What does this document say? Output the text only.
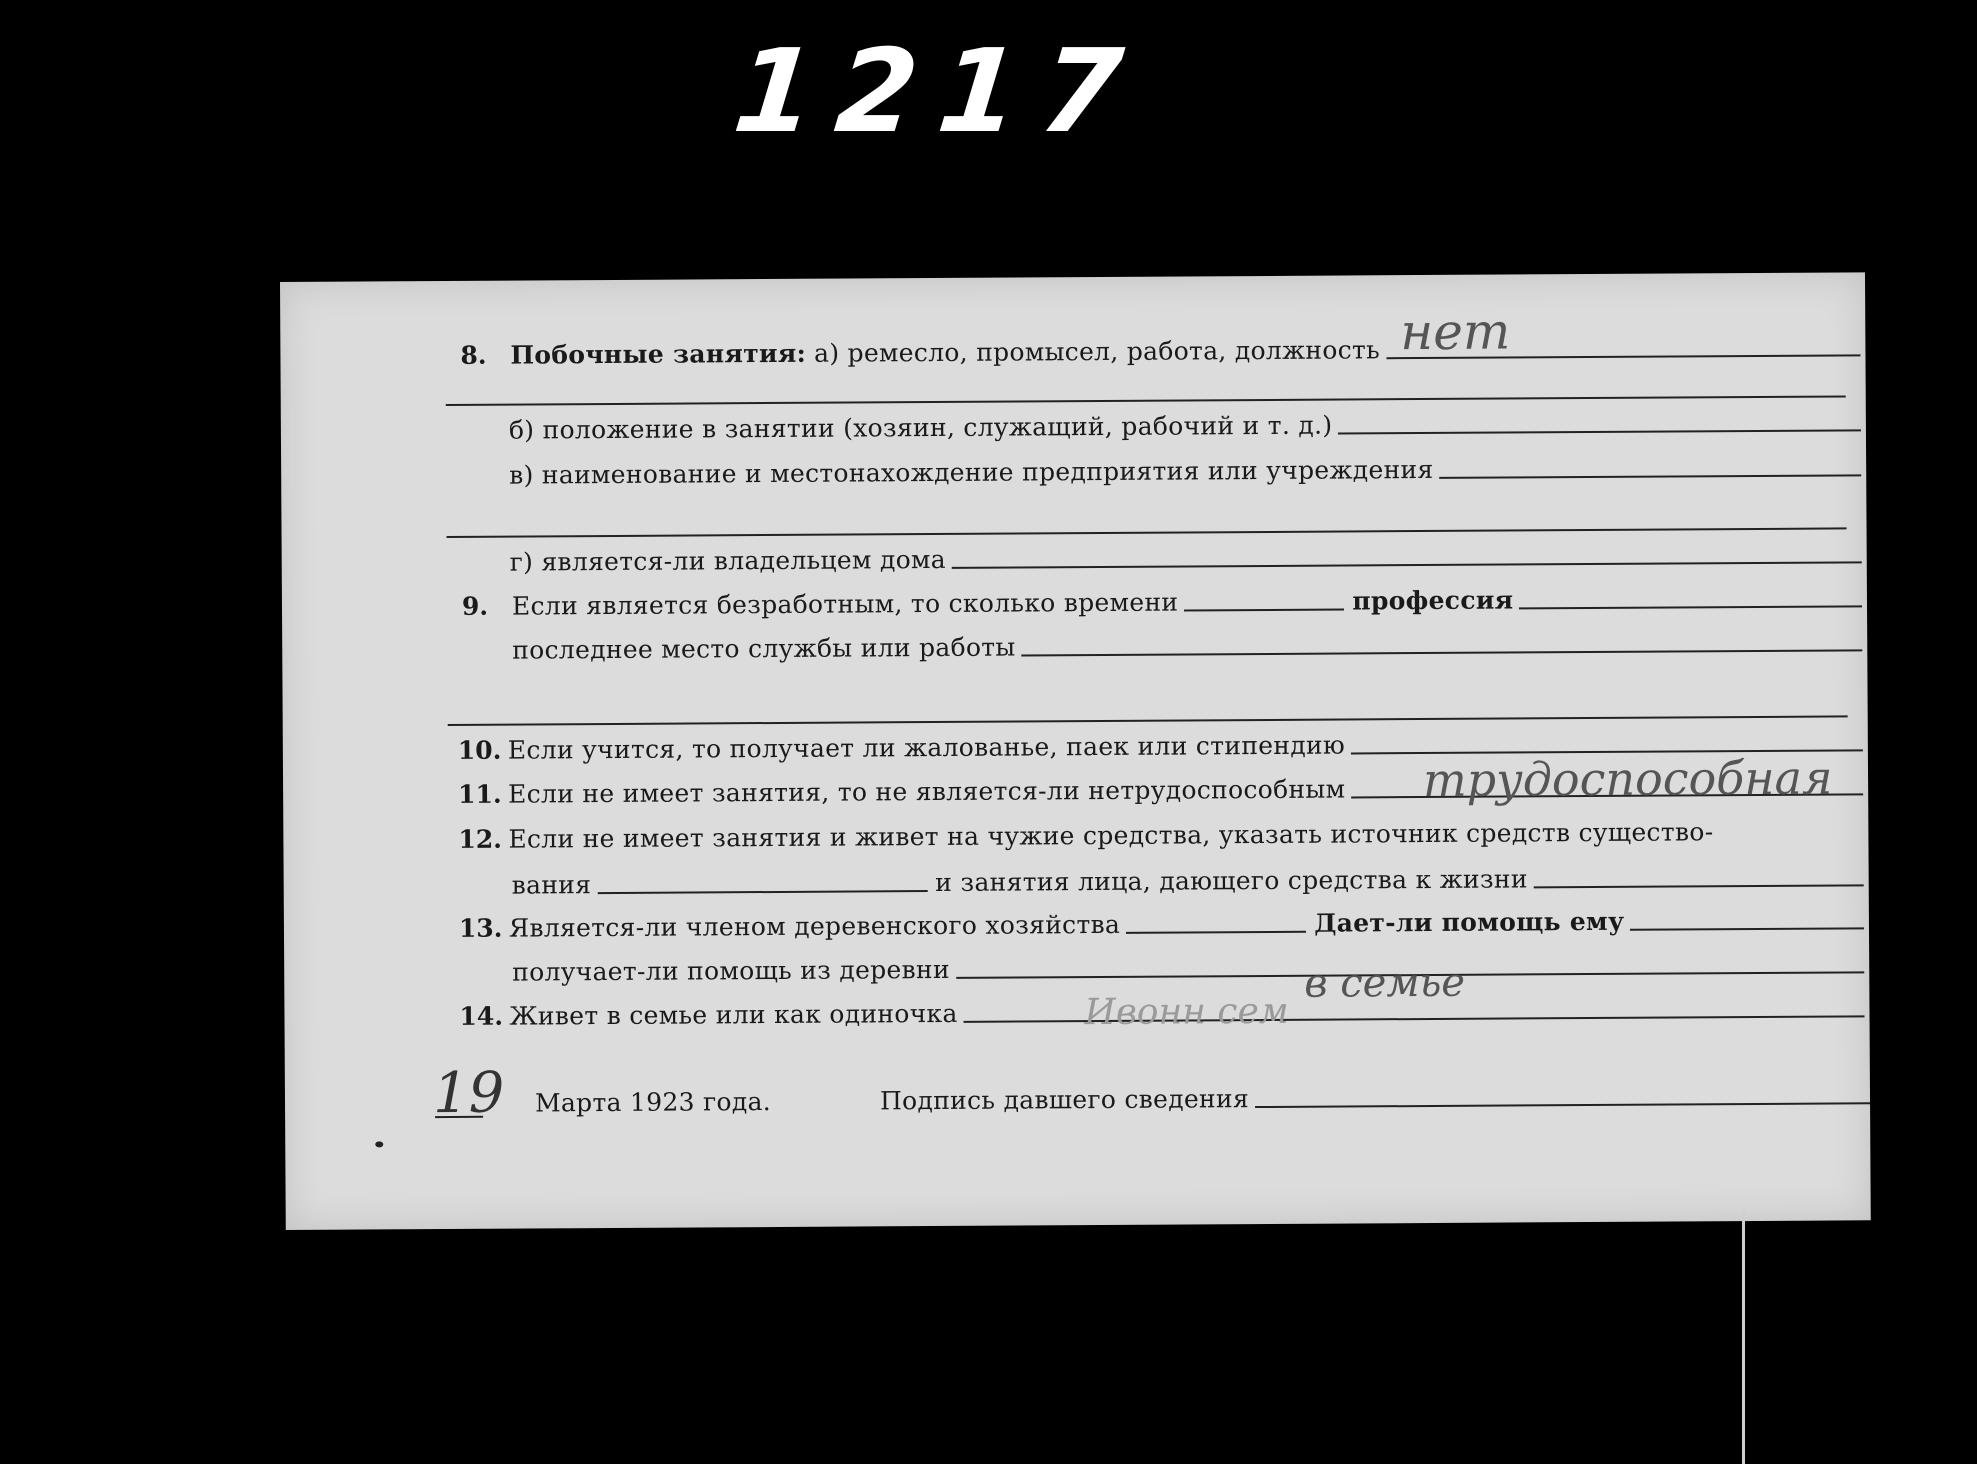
1217
8. Побочные занятия: а) ремесло, промысел, работа, должность нет
б) положение в занятии (хозяин, служащий, рабочий и т. д.)
в) наименование и местонахождение предприятия или учреждения
г) является-ли владельцем дома
9. Если является безработным, то сколько времени	профессия
последнее место службы или работы
10. Если учится, то получает ли жалованье, паек или стипендию
11. Если не имеет занятия, то не является-ли нетрудоспособным трудоспособная
12. Если не имеет занятия и живет на чужие средства, указать источник средств существо-
вания	и занятия лица, дающего средства к жизни
13. Является-ли членом деревенского хозяйства	Дает-ли помощь ему
получает-ли помощь из деревни
14. Живет в семье или как одиночка
в семье
Ивонн сем
19 Марта 1923 года.	Подпись давшего сведения
